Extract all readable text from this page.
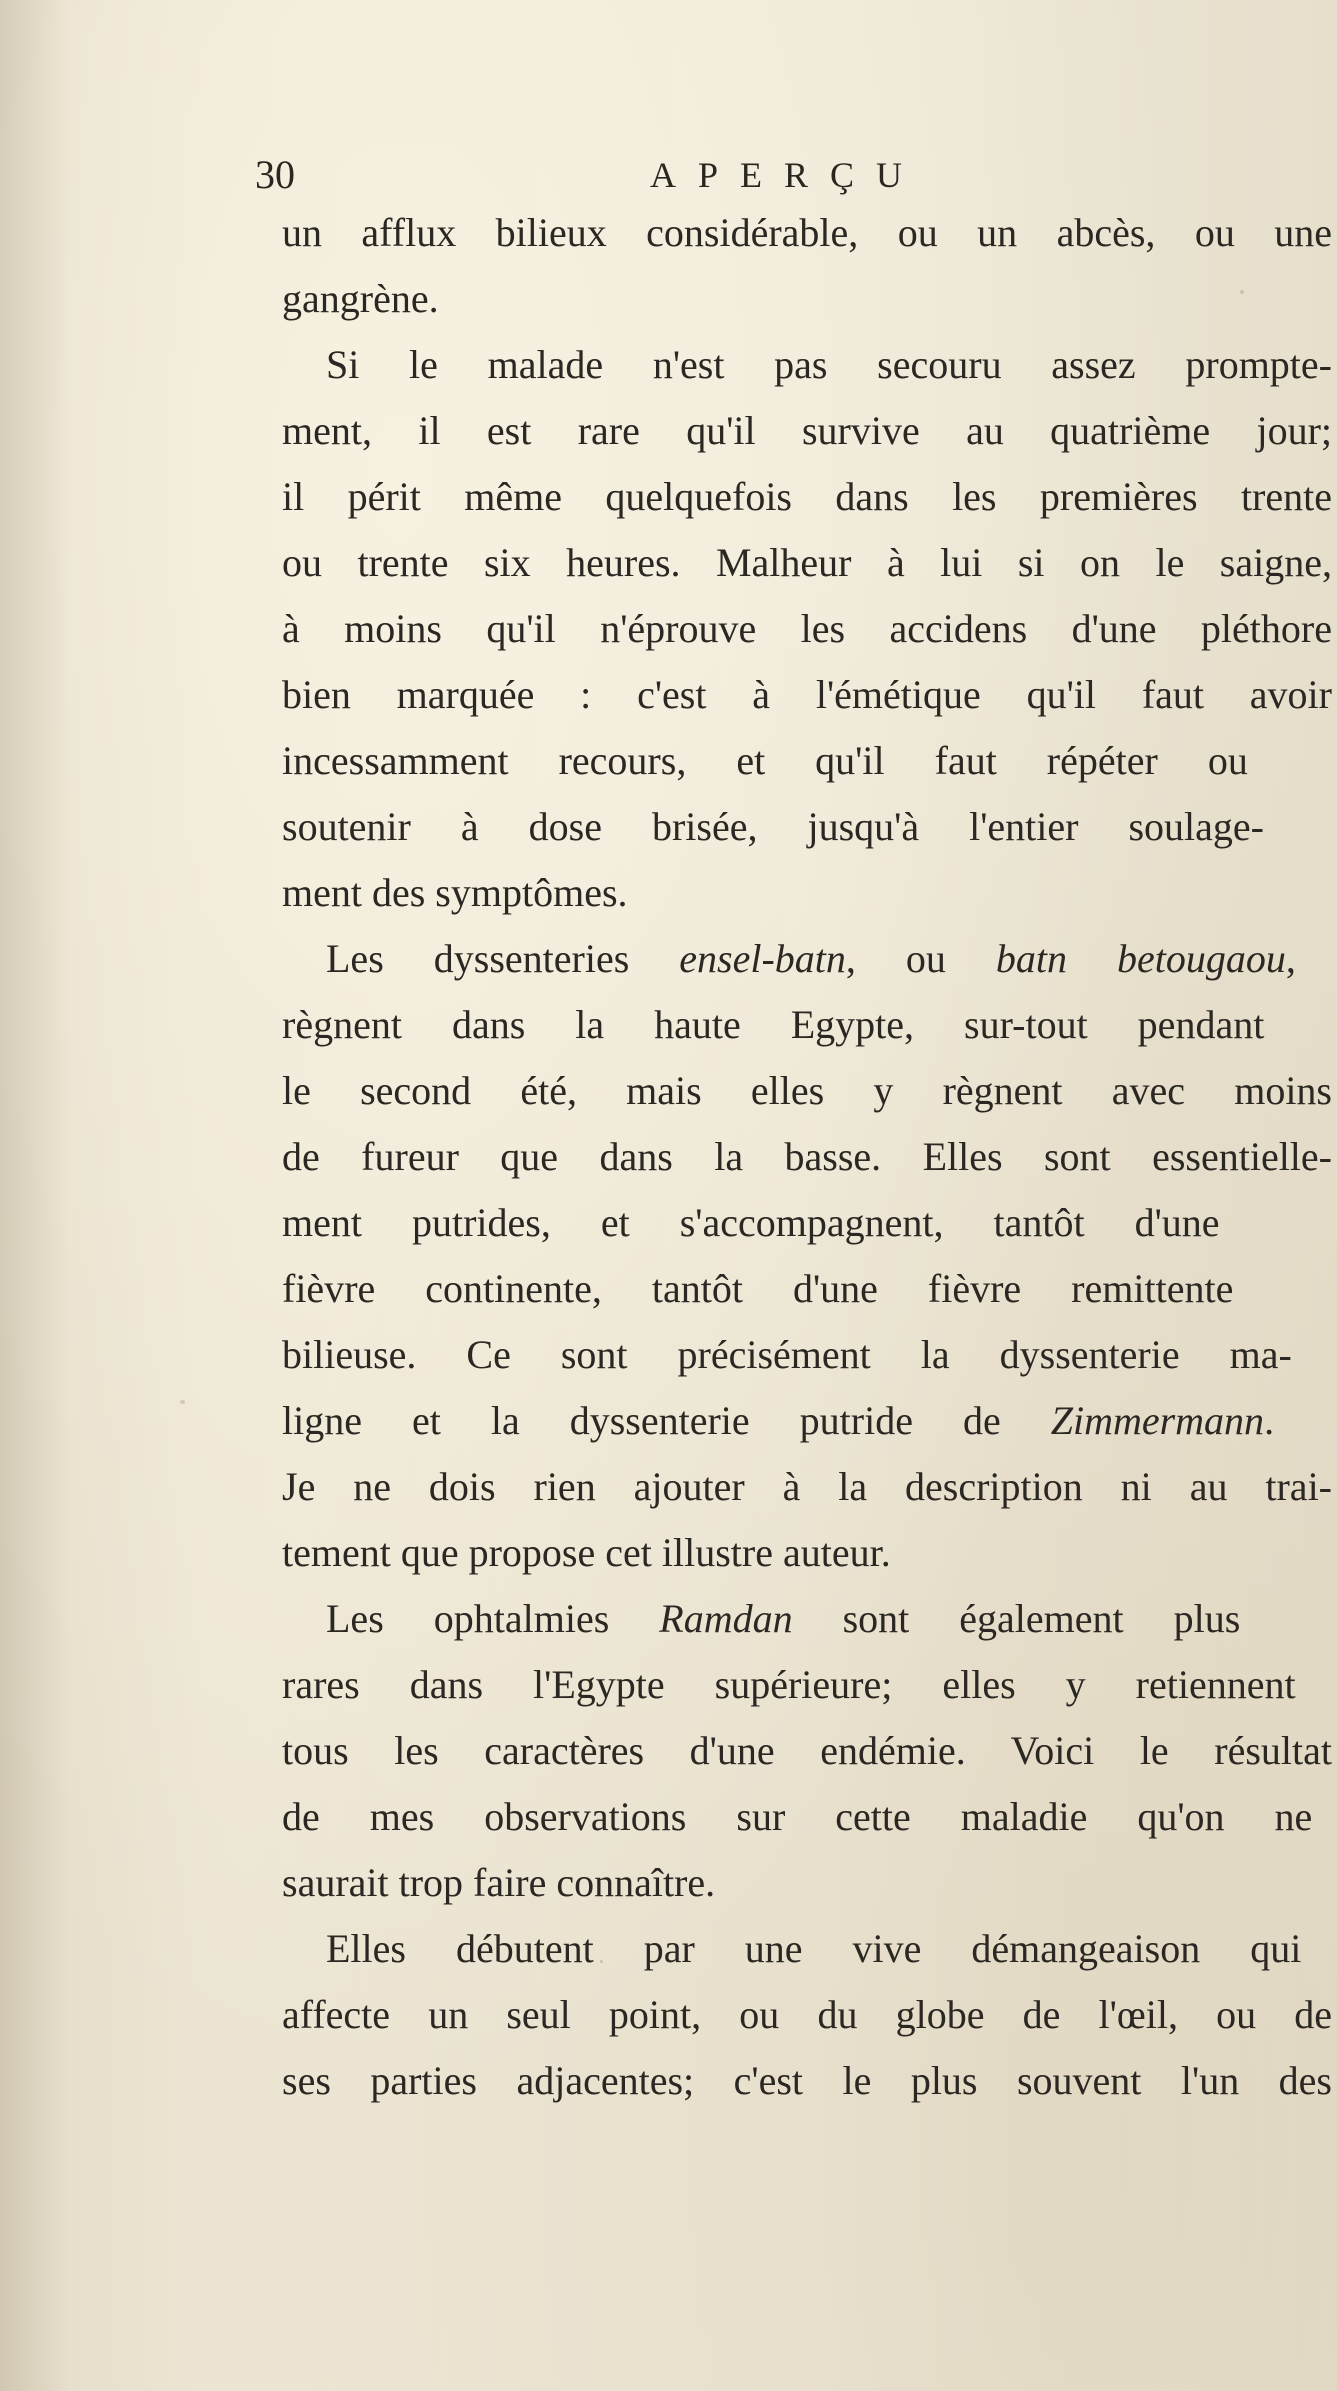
30	APERÇU
un afflux bilieux considérable, ou un abcès, ou une
gangrène.
Si le malade n'est pas secouru assez prompte-
ment, il est rare qu'il survive au quatrième jour;
il périt même quelquefois dans les premières trente
ou trente six heures. Malheur à lui si on le saigne,
à moins qu'il n'éprouve les accidens d'une pléthore
bien marquée : c'est à l'émétique qu'il faut avoir
incessamment recours, et qu'il faut répéter ou
soutenir à dose brisée, jusqu'à l'entier soulage-
ment des symptômes.
Les dyssenteries ensel-batn, ou batn betougaou,
règnent dans la haute Egypte, sur-tout pendant
le second été, mais elles y règnent avec moins
de fureur que dans la basse. Elles sont essentielle-
ment putrides, et s'accompagnent, tantôt d'une
fièvre continente, tantôt d'une fièvre remittente
bilieuse. Ce sont précisément la dyssenterie ma-
ligne et la dyssenterie putride de Zimmermann.
Je ne dois rien ajouter à la description ni au trai-
tement que propose cet illustre auteur.
Les ophtalmies Ramdan sont également plus
rares dans l'Egypte supérieure; elles y retiennent
tous les caractères d'une endémie. Voici le résultat
de mes observations sur cette maladie qu'on ne
saurait trop faire connaître.
Elles débutent par une vive démangeaison qui
affecte un seul point, ou du globe de l'œil, ou de
ses parties adjacentes; c'est le plus souvent l'un des
